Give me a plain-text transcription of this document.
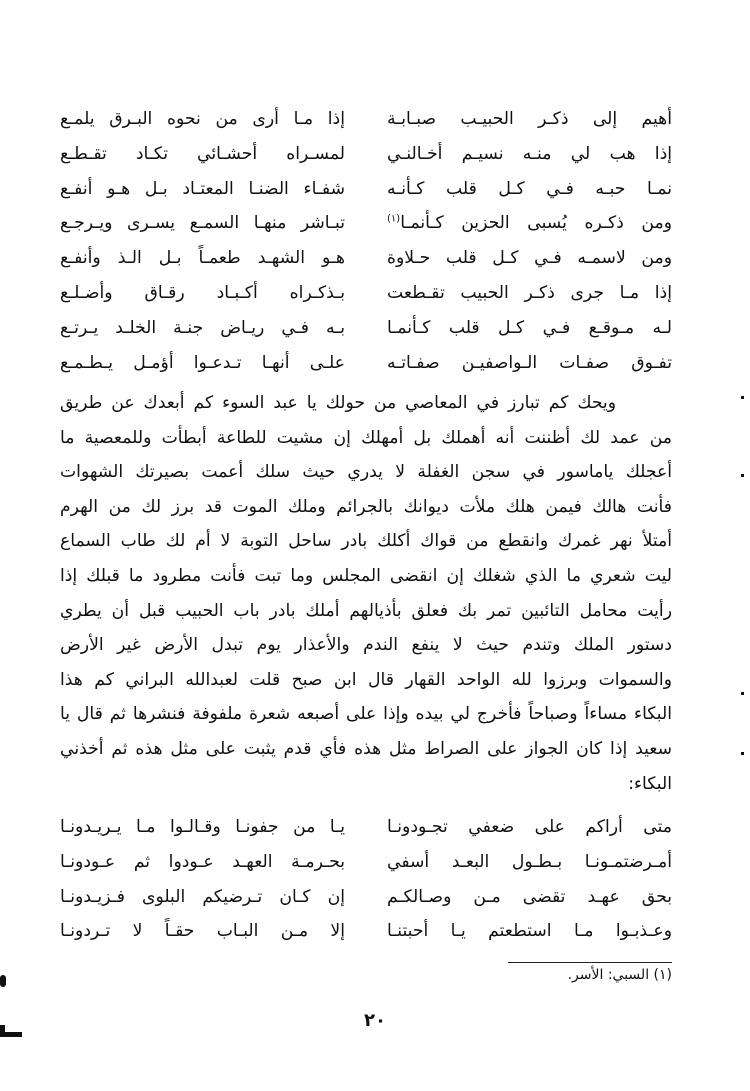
أهيم إلى ذكـر الحبيـب صبـابـة
إذا مـا أرى من نحوه البـرق يلمـع
إذا هب لي منـه نسيـم أخـالنـي
لمسـراه أحشـائي تكـاد تقـطـع
نمـا حبـه فـي كـل قلب كـأنـه
شفـاء الضنـا المعتـاد بـل هـو أنفـع
ومن ذكـره يُسبى الحزين كـأنمـا$^{(١)}$
تبـاشر منهـا السمـع يسـرى ويـرجـع
ومن لاسمـه فـي كـل قلب حـلاوة
هـو الشهـد طعمـاً بـل الـذ وأنفـع
إذا مـا جرى ذكـر الحبيب تقـطعت
بـذكـراه أكـبـاد رقـاق وأضـلـع
لـه مـوقـع فـي كـل قلب كـأنمـا
بـه فـي ريـاض جنـة الخلـد يـرتـع
تفـوق صفـات الـواصفيـن صفـاتـه
علـى أنهـا تـدعـوا أؤمـل يـطـمـع
ويحك كم تبارز في المعاصي من حولك يا عبد السوء كم أبعدك عن طريق
من عمد لك أظننت أنه أهملك بل أمهلك إن مشيت للطاعة أبطأت وللمعصية ما
أعجلك ياماسور في سجن الغفلة لا يدري حيث سلك أعمت بصيرتك الشهوات
فأنت هالك فيمن هلك ملأت ديوانك بالجرائم وملك الموت قد برز لك من الهرم
أمتلأ نهر غمرك وانقطع من قواك أكلك بادر ساحل التوبة لا أم لك طاب السماع
ليت شعري ما الذي شغلك إن انقضى المجلس وما تبت فأنت مطرود ما قبلك إذا
رأيت محامل التائبين تمر بك فعلق بأذيالهم أملك بادر باب الحبيب قبل أن يطري
دستور الملك وتندم حيث لا ينفع الندم والأعذار يوم تبدل الأرض غير الأرض
والسموات وبرزوا لله الواحد القهار قال ابن صبح قلت لعبدالله البراني كم هذا
البكاء مساءاً وصباحاً فأخرج لي بيده وإذا على أصبعه شعرة ملفوفة فنشرها ثم قال يا
سعيد إذا كان الجواز على الصراط مثل هذه فأي قدم يثبت على مثل هذه ثم أخذني
البكاء:
متى أراكم على ضعفي تجـودونـا
يـا من جفونـا وقـالـوا مـا يـريـدونـا
أمـرضتمـونـا بـطـول البعـد أسفي
بحـرمـة العهـد عـودوا ثم عـودونـا
بحق عهـد تقضى مـن وصـالكـم
إن كـان تـرضيكم البلوى فـزيـدونـا
وعـذبـوا مـا استطعتم يـا أحبتنـا
إلا مـن البـاب حقـاً لا تـردونـا
(١) السبي: الأسر.
٢٠
